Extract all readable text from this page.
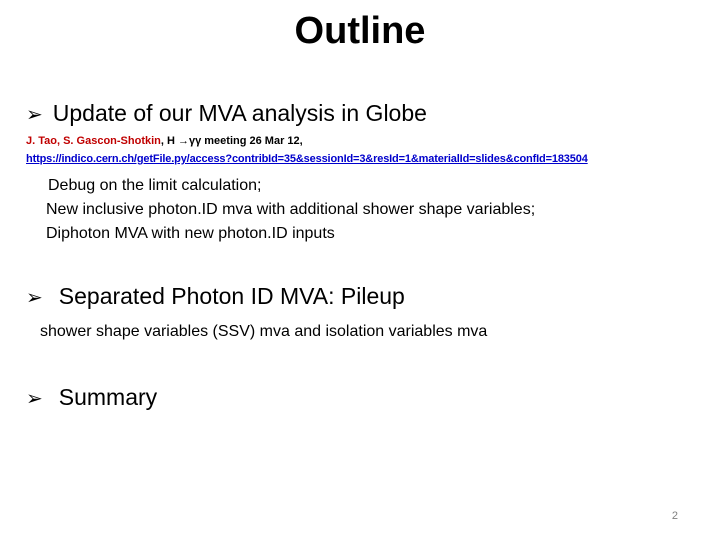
Outline
➢ Update of our MVA analysis in Globe
J. Tao, S. Gascon-Shotkin, H →γγ meeting 26 Mar 12,
https://indico.cern.ch/getFile.py/access?contribId=35&sessionId=3&resId=1&materialId=slides&confId=183504
Debug on the limit calculation;
New inclusive photon.ID mva with additional shower shape variables;
Diphoton MVA with new photon.ID inputs
➢ Separated Photon ID MVA: Pileup
shower shape variables (SSV) mva and isolation variables mva
➢ Summary
2
